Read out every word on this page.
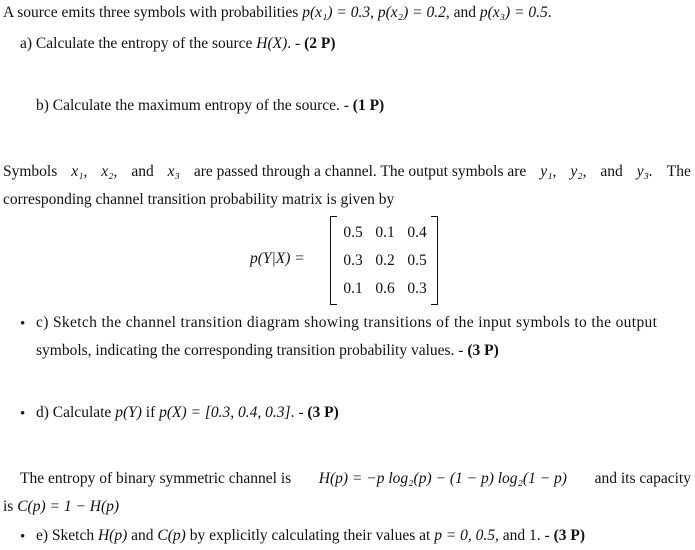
A source emits three symbols with probabilities p(x₁) = 0.3, p(x₂) = 0.2, and p(x₃) = 0.5.
a) Calculate the entropy of the source H(X). - (2 P)
b) Calculate the maximum entropy of the source. - (1 P)
Symbols x₁, x₂, and x₃ are passed through a channel. The output symbols are y₁, y₂, and y₃. The
corresponding channel transition probability matrix is given by
p(Y|X) =
0.5 0.1 0.4
0.3 0.2 0.5
0.1 0.6 0.3
• c) Sketch the channel transition diagram showing transitions of the input symbols to the output
symbols, indicating the corresponding transition probability values. - (3 P)
• d) Calculate p(Y) if p(X) = [0.3, 0.4, 0.3]. - (3 P)
The entropy of binary symmetric channel is H(p) = −p log₂(p) − (1 − p) log₂(1 − p) and its capacity
is C(p) = 1 − H(p)
• e) Sketch H(p) and C(p) by explicitly calculating their values at p = 0, 0.5, and 1. - (3 P)
